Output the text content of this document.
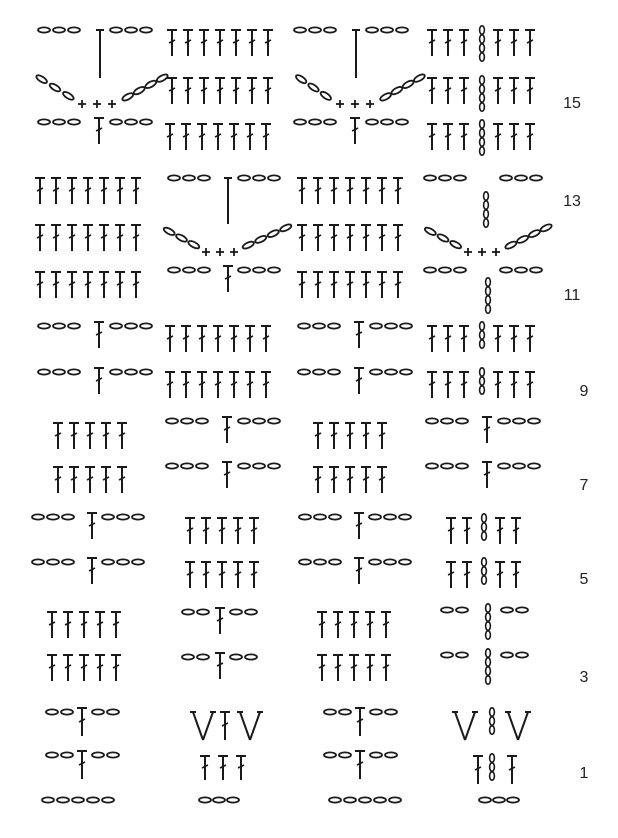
1
3
5
7
9
11
13
15
